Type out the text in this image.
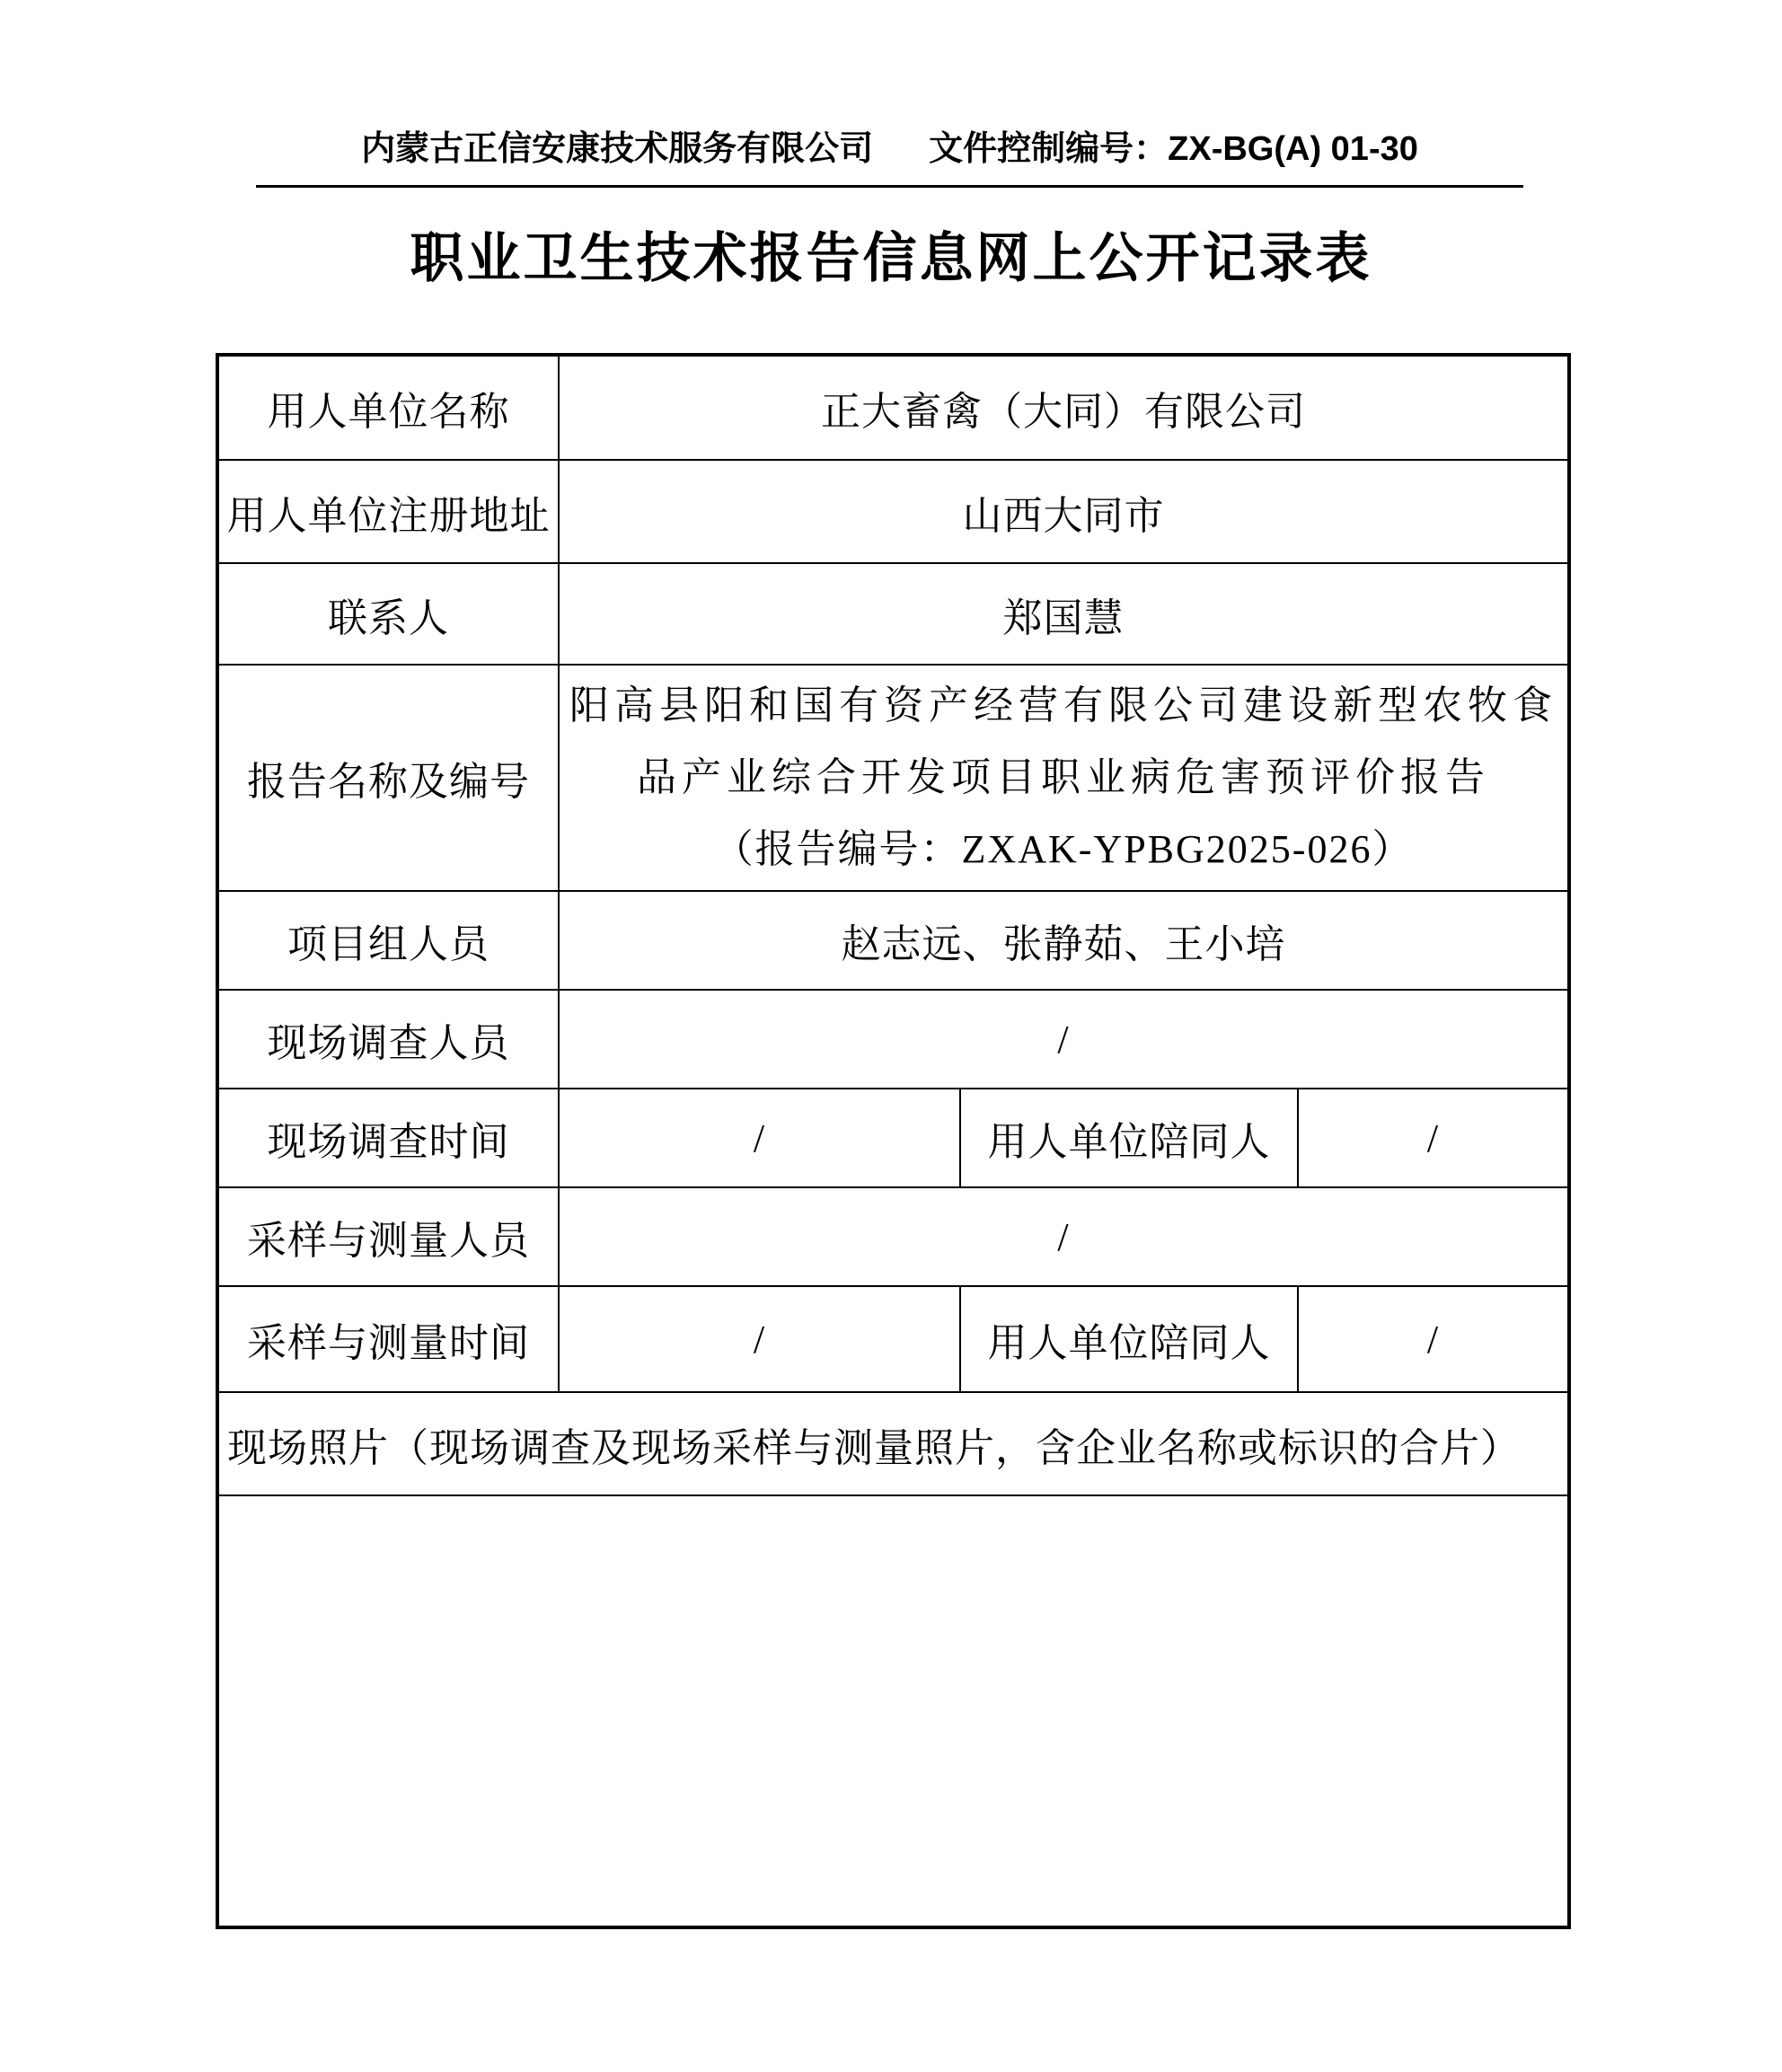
内蒙古正信安康技术服务有限公司 文件控制编号：ZX-BG(A) 01-30
职业卫生技术报告信息网上公开记录表
用人单位名称	正大畜禽（大同）有限公司		
用人单位注册地址	山西大同市		
联系人	郑国慧		
报告名称及编号	阳高县阳和国有资产经营有限公司建设新型农牧食品产业综合开发项目职业病危害预评价报告

（报告编号：ZXAK-YPBG2025-026）		

项目组人员	赵志远、张静茹、王小培		
现场调查人员	/		
现场调查时间	/	用人单位陪同人	/
采样与测量人员	/		
采样与测量时间	/	用人单位陪同人	/
现场照片（现场调查及现场采样与测量照片，含企业名称或标识的合片）			
